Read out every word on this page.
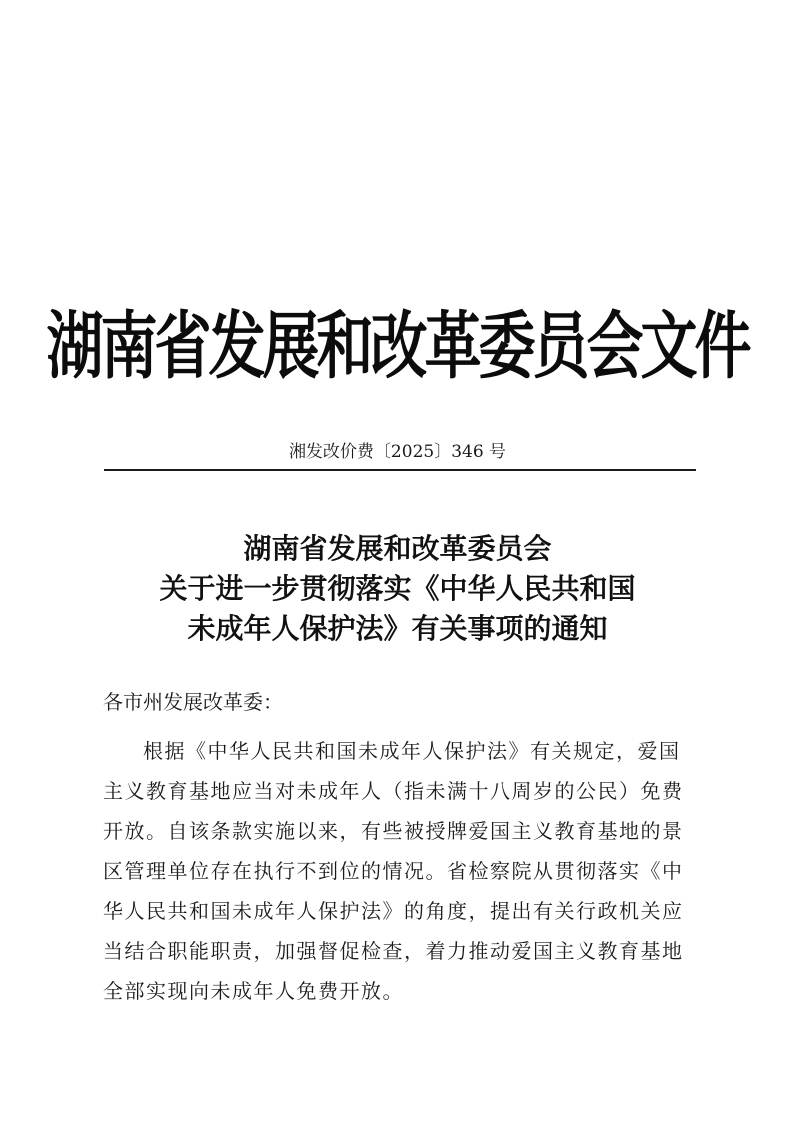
湖南省发展和改革委员会文件
湘发改价费〔2025〕346 号
湖南省发展和改革委员会
关于进一步贯彻落实《中华人民共和国
未成年人保护法》有关事项的通知
各市州发展改革委：
根据《中华人民共和国未成年人保护法》有关规定，爱国
主义教育基地应当对未成年人（指未满十八周岁的公民）免费
开放。自该条款实施以来，有些被授牌爱国主义教育基地的景
区管理单位存在执行不到位的情况。省检察院从贯彻落实《中
华人民共和国未成年人保护法》的角度，提出有关行政机关应
当结合职能职责，加强督促检查，着力推动爱国主义教育基地
全部实现向未成年人免费开放。
